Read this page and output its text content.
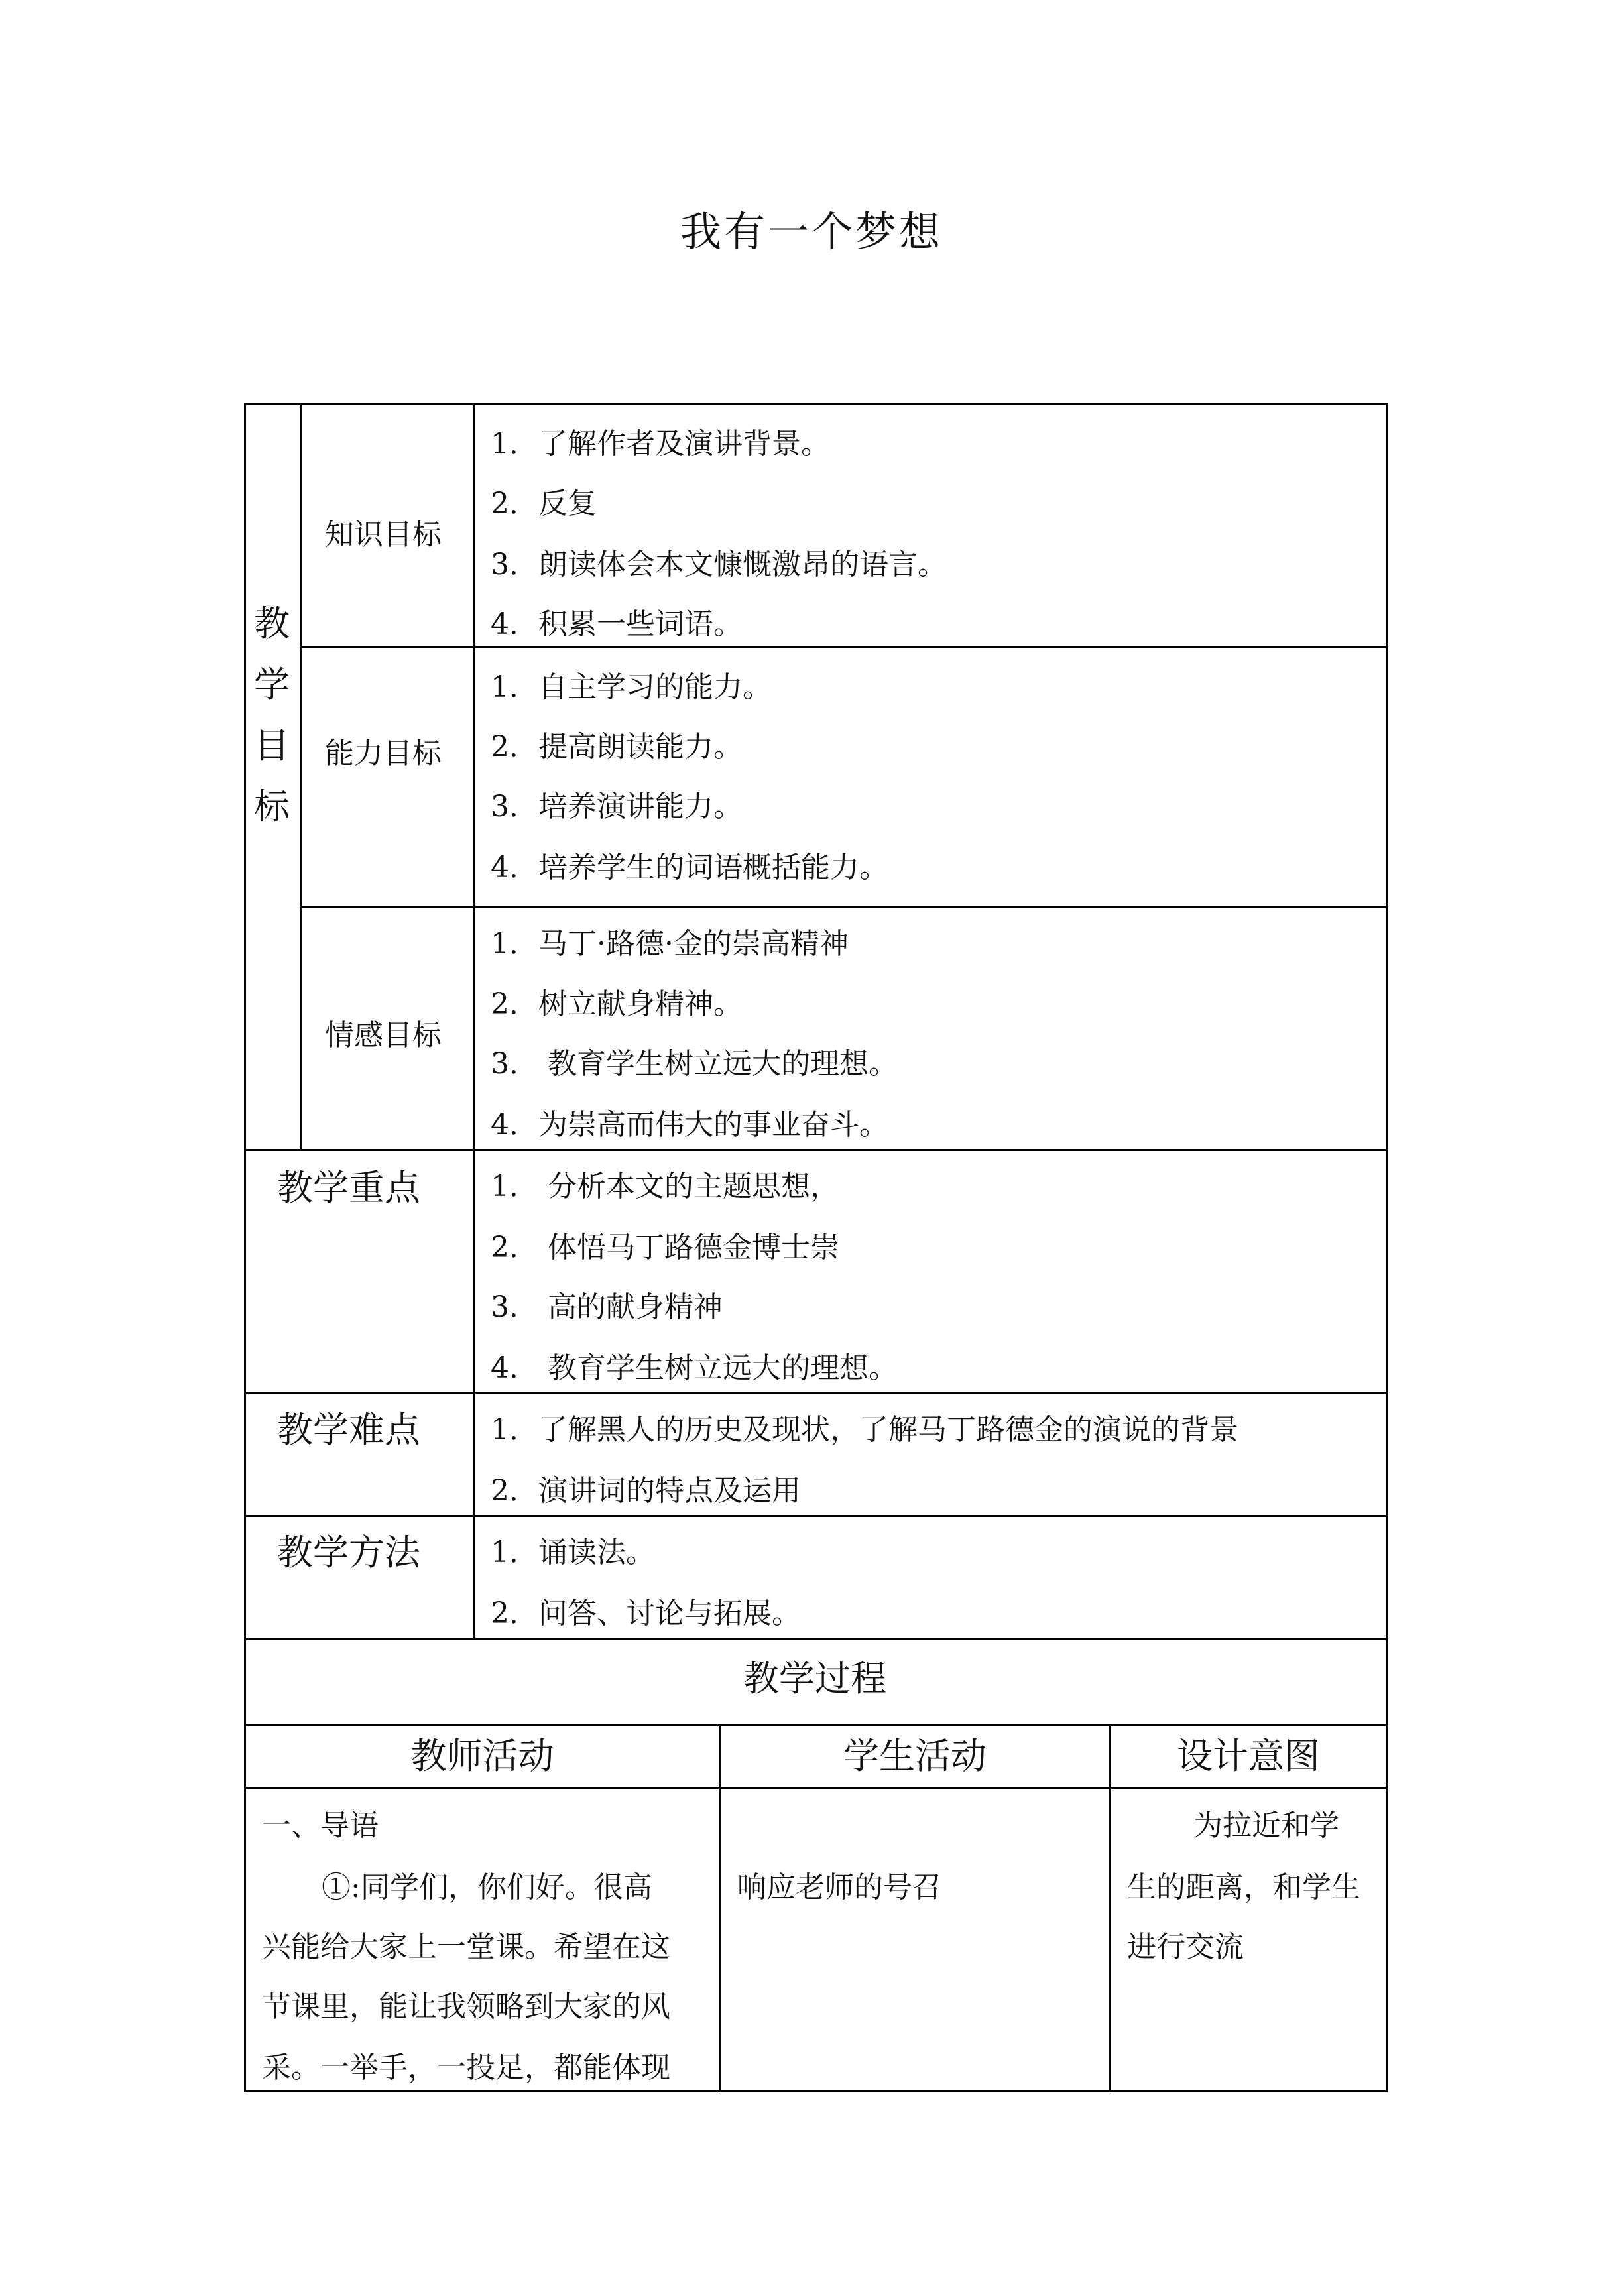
我有一个梦想
教
学
目
标
知识目标
1．了解作者及演讲背景。
2．反复
3．朗读体会本文慷慨激昂的语言。
4．积累一些词语。
能力目标
1．自主学习的能力。
2．提高朗读能力。
3．培养演讲能力。
4．培养学生的词语概括能力。
情感目标
1．马丁·路德·金的崇高精神
2．树立献身精神。
3． 教育学生树立远大的理想。
4．为崇高而伟大的事业奋斗。
教学重点 1． 分析本文的主题思想，
2． 体悟马丁路德金博士崇
3． 高的献身精神
4． 教育学生树立远大的理想。
教学难点 1．了解黑人的历史及现状，了解马丁路德金的演说的背景
2．演讲词的特点及运用
教学方法 1．诵读法。
2．问答、讨论与拓展。
教学过程
教师活动	学生活动	设计意图
一、导语
①:同学们，你们好。很高
兴能给大家上一堂课。希望在这
节课里，能让我领略到大家的风
采。一举手，一投足，都能体现
响应老师的号召
为拉近和学
生的距离，和学生
进行交流
